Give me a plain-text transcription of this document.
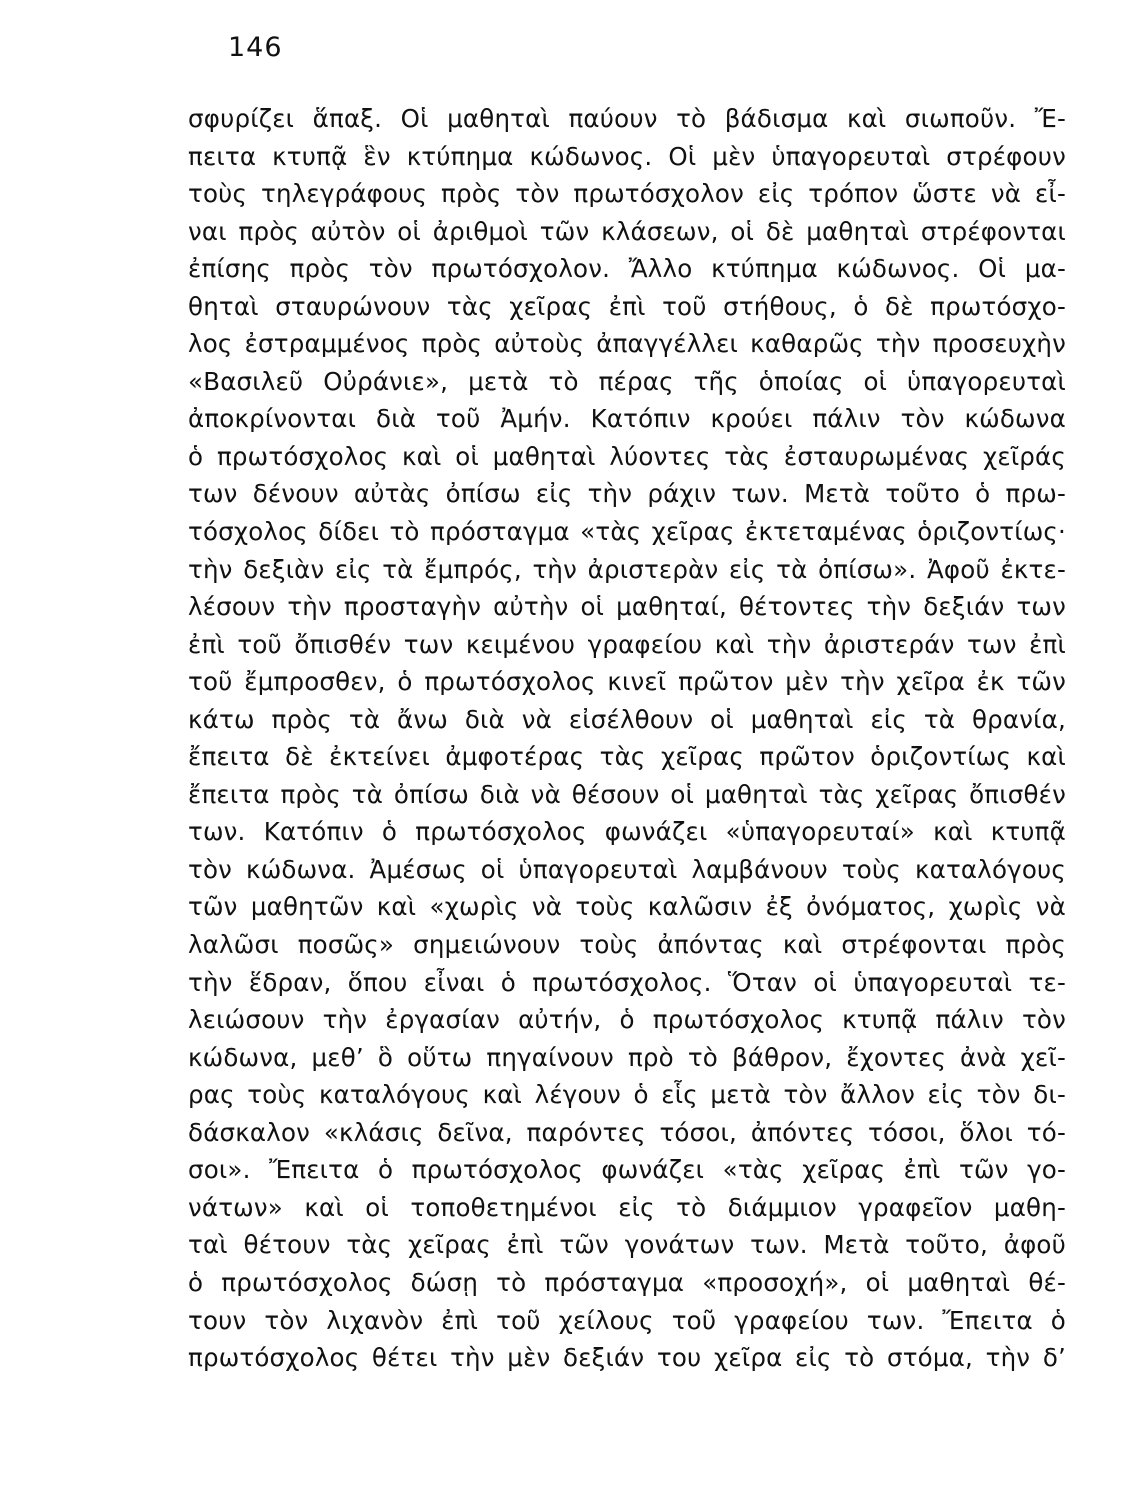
146
σφυρίζει ἅπαξ. Οἱ μαθηταὶ παύουν τὸ βάδισμα καὶ σιωποῦν. Ἔ-
πειτα κτυπᾷ ἓν κτύπημα κώδωνος. Οἱ μὲν ὑπαγορευταὶ στρέφουν
τοὺς τηλεγράφους πρὸς τὸν πρωτόσχολον εἰς τρόπον ὥστε νὰ εἶ-
ναι πρὸς αὐτὸν οἱ ἀριθμοὶ τῶν κλάσεων, οἱ δὲ μαθηταὶ στρέφονται
ἐπίσης πρὸς τὸν πρωτόσχολον. Ἄλλο κτύπημα κώδωνος. Οἱ μα-
θηταὶ σταυρώνουν τὰς χεῖρας ἐπὶ τοῦ στήθους, ὁ δὲ πρωτόσχο-
λος ἐστραμμένος πρὸς αὐτοὺς ἀπαγγέλλει καθαρῶς τὴν προσευχὴν
«Βασιλεῦ Οὐράνιε», μετὰ τὸ πέρας τῆς ὁποίας οἱ ὑπαγορευταὶ
ἀποκρίνονται διὰ τοῦ Ἀμήν. Κατόπιν κρούει πάλιν τὸν κώδωνα
ὁ πρωτόσχολος καὶ οἱ μαθηταὶ λύοντες τὰς ἐσταυρωμένας χεῖράς
των δένουν αὐτὰς ὀπίσω εἰς τὴν ράχιν των. Μετὰ τοῦτο ὁ πρω-
τόσχολος δίδει τὸ πρόσταγμα «τὰς χεῖρας ἐκτεταμένας ὁριζοντίως·
τὴν δεξιὰν εἰς τὰ ἔμπρός, τὴν ἀριστερὰν εἰς τὰ ὀπίσω». Ἀφοῦ ἐκτε-
λέσουν τὴν προσταγὴν αὐτὴν οἱ μαθηταί, θέτοντες τὴν δεξιάν των
ἐπὶ τοῦ ὄπισθέν των κειμένου γραφείου καὶ τὴν ἀριστεράν των ἐπὶ
τοῦ ἔμπροσθεν, ὁ πρωτόσχολος κινεῖ πρῶτον μὲν τὴν χεῖρα ἐκ τῶν
κάτω πρὸς τὰ ἄνω διὰ νὰ εἰσέλθουν οἱ μαθηταὶ εἰς τὰ θρανία,
ἔπειτα δὲ ἐκτείνει ἀμφοτέρας τὰς χεῖρας πρῶτον ὁριζοντίως καὶ
ἔπειτα πρὸς τὰ ὀπίσω διὰ νὰ θέσουν οἱ μαθηταὶ τὰς χεῖρας ὄπισθέν
των. Κατόπιν ὁ πρωτόσχολος φωνάζει «ὑπαγορευταί» καὶ κτυπᾷ
τὸν κώδωνα. Ἀμέσως οἱ ὑπαγορευταὶ λαμβάνουν τοὺς καταλόγους
τῶν μαθητῶν καὶ «χωρὶς νὰ τοὺς καλῶσιν ἐξ ὀνόματος, χωρὶς νὰ
λαλῶσι ποσῶς» σημειώνουν τοὺς ἀπόντας καὶ στρέφονται πρὸς
τὴν ἕδραν, ὅπου εἶναι ὁ πρωτόσχολος. Ὅταν οἱ ὑπαγορευταὶ τε-
λειώσουν τὴν ἐργασίαν αὐτήν, ὁ πρωτόσχολος κτυπᾷ πάλιν τὸν
κώδωνα, μεθ’ ὃ οὕτω πηγαίνουν πρὸ τὸ βάθρον, ἔχοντες ἀνὰ χεῖ-
ρας τοὺς καταλόγους καὶ λέγουν ὁ εἷς μετὰ τὸν ἄλλον εἰς τὸν δι-
δάσκαλον «κλάσις δεῖνα, παρόντες τόσοι, ἀπόντες τόσοι, ὅλοι τό-
σοι». Ἔπειτα ὁ πρωτόσχολος φωνάζει «τὰς χεῖρας ἐπὶ τῶν γο-
νάτων» καὶ οἱ τοποθετημένοι εἰς τὸ διάμμιον γραφεῖον μαθη-
ταὶ θέτουν τὰς χεῖρας ἐπὶ τῶν γονάτων των. Μετὰ τοῦτο, ἀφοῦ
ὁ πρωτόσχολος δώσῃ τὸ πρόσταγμα «προσοχή», οἱ μαθηταὶ θέ-
τουν τὸν λιχανὸν ἐπὶ τοῦ χείλους τοῦ γραφείου των. Ἔπειτα ὁ
πρωτόσχολος θέτει τὴν μὲν δεξιάν του χεῖρα εἰς τὸ στόμα, τὴν δ’
